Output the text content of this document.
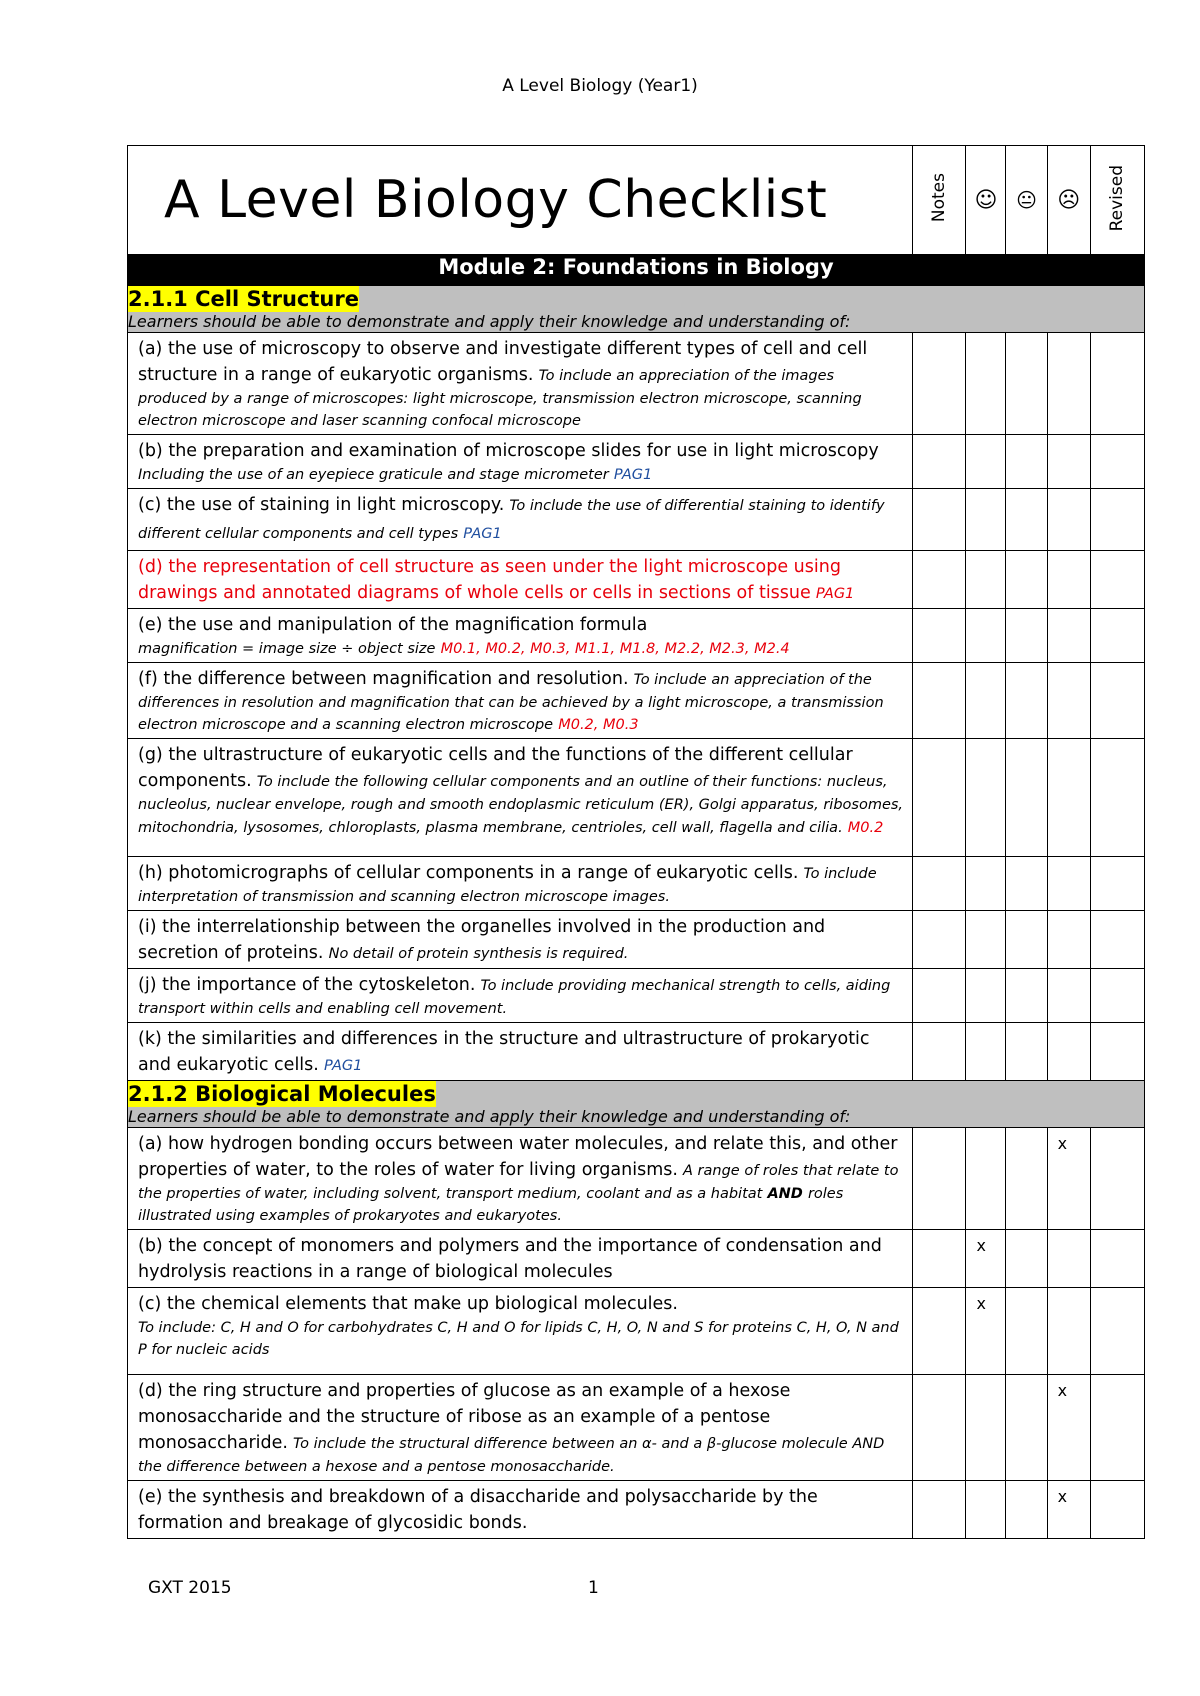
A Level Biology (Year1)
A Level Biology Checklist	Notes	☺	😐	☹	Revised
Module 2: Foundations in Biology					

2.1.1 Cell Structure
Learners should be able to demonstrate and apply their knowledge and understanding of:					

(a) the use of microscopy to observe and investigate different types of cell and cell structure in a range of eukaryotic organisms. To include an appreciation of the images produced by a range of microscopes: light microscope, transmission electron microscope, scanning electron microscope and laser scanning confocal microscope					

(b) the preparation and examination of microscope slides for use in light microscopy
Including the use of an eyepiece graticule and stage micrometer PAG1					
(c) the use of staining in light microscopy. To include the use of differential staining to identify different cellular components and cell types PAG1					
(d) the representation of cell structure as seen under the light microscope using drawings and annotated diagrams of whole cells or cells in sections of tissue PAG1					

(e) the use and manipulation of the magnification formula
magnification = image size ÷ object size M0.1, M0.2, M0.3, M1.1, M1.8, M2.2, M2.3, M2.4					
(f) the difference between magnification and resolution. To include an appreciation of the differences in resolution and magnification that can be achieved by a light microscope, a transmission electron microscope and a scanning electron microscope M0.2, M0.3					
(g) the ultrastructure of eukaryotic cells and the functions of the different cellular components. To include the following cellular components and an outline of their functions: nucleus, nucleolus, nuclear envelope, rough and smooth endoplasmic reticulum (ER), Golgi apparatus, ribosomes, mitochondria, lysosomes, chloroplasts, plasma membrane, centrioles, cell wall, flagella and cilia. M0.2					
(h) photomicrographs of cellular components in a range of eukaryotic cells. To include interpretation of transmission and scanning electron microscope images.					
(i) the interrelationship between the organelles involved in the production and secretion of proteins. No detail of protein synthesis is required.					
(j) the importance of the cytoskeleton. To include providing mechanical strength to cells, aiding transport within cells and enabling cell movement.					
(k) the similarities and differences in the structure and ultrastructure of prokaryotic and eukaryotic cells. PAG1					

2.1.2 Biological Molecules
Learners should be able to demonstrate and apply their knowledge and understanding of:					

(a) how hydrogen bonding occurs between water molecules, and relate this, and other properties of water, to the roles of water for living organisms. A range of roles that relate to the properties of water, including solvent, transport medium, coolant and as a habitat AND roles illustrated using examples of prokaryotes and eukaryotes.				x	
(b) the concept of monomers and polymers and the importance of condensation and hydrolysis reactions in a range of biological molecules		x			

(c) the chemical elements that make up biological molecules.
To include: C, H and O for carbohydrates C, H and O for lipids C, H, O, N and S for proteins C, H, O, N and P for nucleic acids		x			
(d) the ring structure and properties of glucose as an example of a hexose monosaccharide and the structure of ribose as an example of a pentose monosaccharide. To include the structural difference between an α- and a β-glucose molecule AND the difference between a hexose and a pentose monosaccharide.				x	
(e) the synthesis and breakdown of a disaccharide and polysaccharide by the formation and breakage of glycosidic bonds.				x	
GXT 2015	1
